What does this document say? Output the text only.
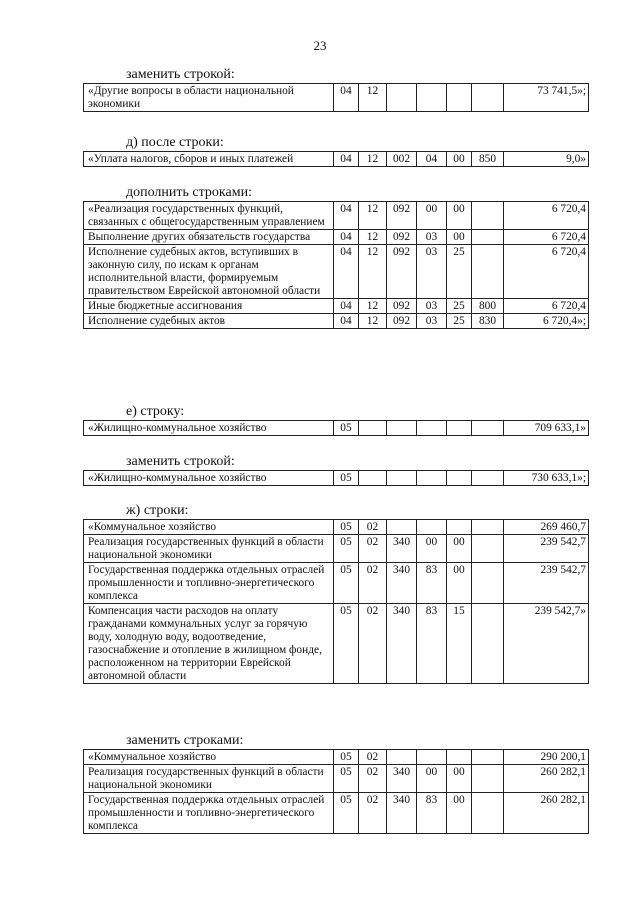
23
заменить строкой:
«Другие вопросы в области национальной экономики	04	12					73 741,5»;
д) после строки:
«Уплата налогов, сборов и иных платежей	04	12	002	04	00	850	9,0»
дополнить строками:
«Реализация государственных функций, связанных с общегосударственным управлением	04	12	092	00	00		6 720,4
Выполнение других обязательств государства	04	12	092	03	00		6 720,4
Исполнение судебных актов, вступивших в законную силу, по искам к органам исполнительной власти, формируемым правительством Еврейской автономной области	04	12	092	03	25		6 720,4
Иные бюджетные ассигнования	04	12	092	03	25	800	6 720,4
Исполнение судебных актов	04	12	092	03	25	830	6 720,4»;
е) строку:
«Жилищно-коммунальное хозяйство	05						709 633,1»
заменить строкой:
«Жилищно-коммунальное хозяйство	05						730 633,1»;
ж) строки:
«Коммунальное хозяйство	05	02					269 460,7
Реализация государственных функций в области национальной экономики	05	02	340	00	00		239 542,7
Государственная поддержка отдельных отраслей промышленности и топливно-энергетического комплекса	05	02	340	83	00		239 542,7
Компенсация части расходов на оплату гражданами коммунальных услуг за горячую воду, холодную воду, водоотведение, газоснабжение и отопление в жилищном фонде, расположенном на территории Еврейской автономной области	05	02	340	83	15		239 542,7»
заменить строками:
«Коммунальное хозяйство	05	02					290 200,1
Реализация государственных функций в области национальной экономики	05	02	340	00	00		260 282,1
Государственная поддержка отдельных отраслей промышленности и топливно-энергетического комплекса	05	02	340	83	00		260 282,1
